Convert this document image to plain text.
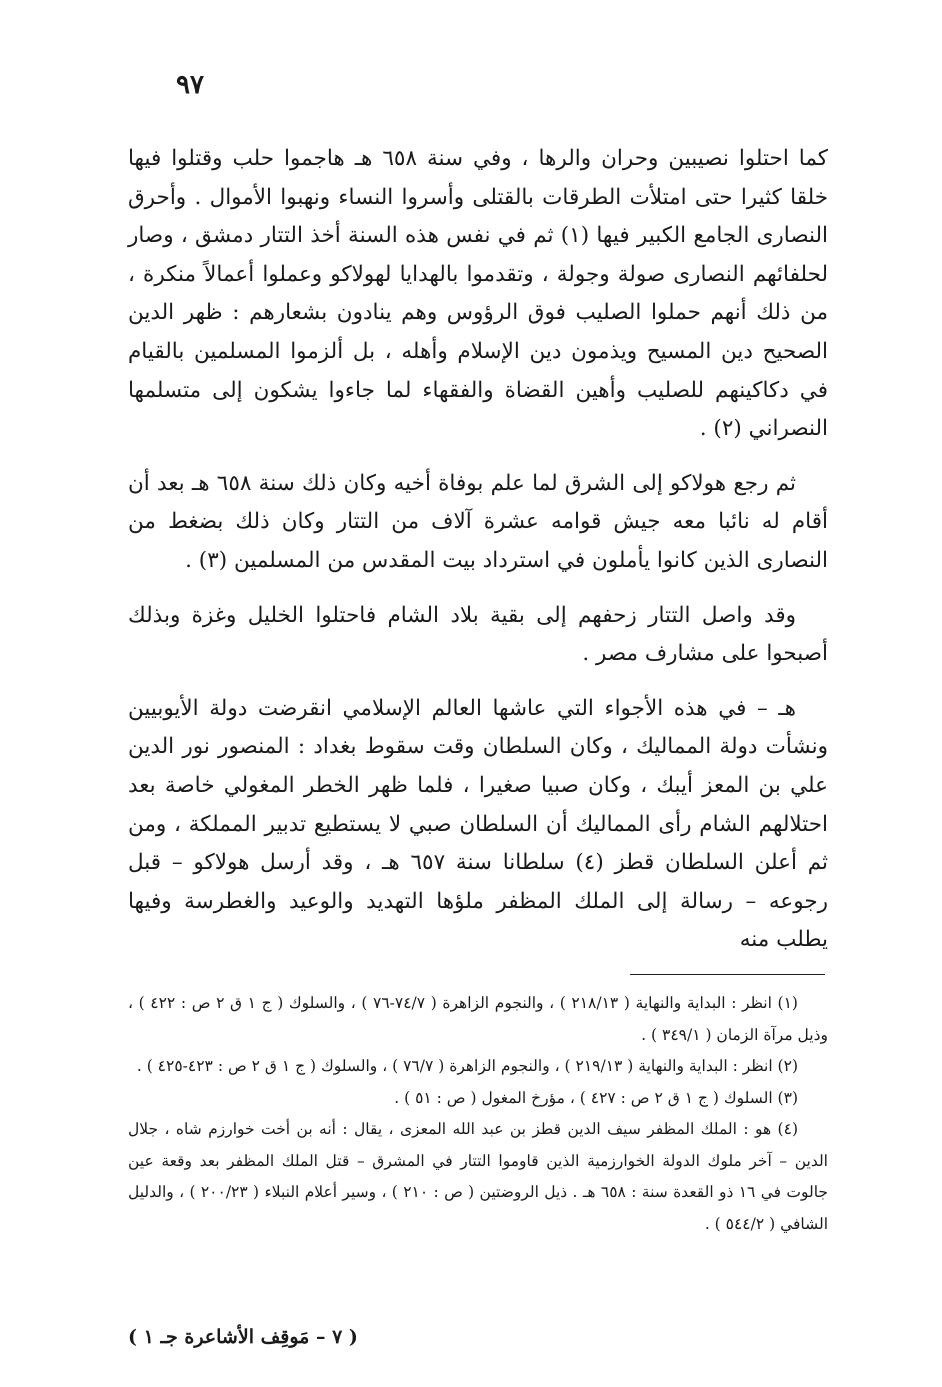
٩٧

كما احتلوا نصيبين وحران والرها ، وفي سنة ٦٥٨ هـ هاجموا حلب وقتلوا فيها خلقا كثيرا حتى امتلأت الطرقات بالقتلى وأسروا النساء ونهبوا الأموال . وأحرق النصارى الجامع الكبير فيها (١) ثم في نفس هذه السنة أخذ التتار دمشق ، وصار لحلفائهم النصارى صولة وجولة ، وتقدموا بالهدايا لهولاكو وعملوا أعمالاً منكرة ، من ذلك أنهم حملوا الصليب فوق الرؤوس وهم ينادون بشعارهم : ظهر الدين الصحيح دين المسيح ويذمون دين الإسلام وأهله ، بل ألزموا المسلمين بالقيام في دكاكينهم للصليب وأهين القضاة والفقهاء لما جاءوا يشكون إلى متسلمها النصراني (٢) .

ثم رجع هولاكو إلى الشرق لما علم بوفاة أخيه وكان ذلك سنة ٦٥٨ هـ بعد أن أقام له نائبا معه جيش قوامه عشرة آلاف من التتار وكان ذلك بضغط من النصارى الذين كانوا يأملون في استرداد بيت المقدس من المسلمين (٣) .

وقد واصل التتار زحفهم إلى بقية بلاد الشام فاحتلوا الخليل وغزة وبذلك أصبحوا على مشارف مصر .

هـ – في هذه الأجواء التي عاشها العالم الإسلامي انقرضت دولة الأيوبيين ونشأت دولة المماليك ، وكان السلطان وقت سقوط بغداد : المنصور نور الدين علي بن المعز أيبك ، وكان صبيا صغيرا ، فلما ظهر الخطر المغولي خاصة بعد احتلالهم الشام رأى المماليك أن السلطان صبي لا يستطيع تدبير المملكة ، ومن ثم أعلن السلطان قطز (٤) سلطانا سنة ٦٥٧ هـ ، وقد أرسل هولاكو – قبل رجوعه – رسالة إلى الملك المظفر ملؤها التهديد والوعيد والغطرسة وفيها يطلب منه

(١) انظر : البداية والنهاية ( ٢١٨/١٣ ) ، والنجوم الزاهرة ( ٧٤/٧-٧٦ ) ، والسلوك ( ج ١ ق ٢ ص : ٤٢٢ ) ، وذيل مرآة الزمان ( ٣٤٩/١ ) .

(٢) انظر : البداية والنهاية ( ٢١٩/١٣ ) ، والنجوم الزاهرة ( ٧٦/٧ ) ، والسلوك ( ج ١ ق ٢ ص : ٤٢٣-٤٢٥ ) .

(٣) السلوك ( ج ١ ق ٢ ص : ٤٢٧ ) ، مؤرخ المغول ( ص : ٥١ ) .

(٤) هو : الملك المظفر سيف الدين قطز بن عبد الله المعزى ، يقال : أنه بن أخت خوارزم شاه ، جلال الدين – آخر ملوك الدولة الخوارزمية الذين قاوموا التتار في المشرق – قتل الملك المظفر بعد وقعة عين جالوت في ١٦ ذو القعدة سنة : ٦٥٨ هـ . ذيل الروضتين ( ص : ٢١٠ ) ، وسير أعلام النبلاء ( ٢٠٠/٢٣ ) ، والدليل الشافي ( ٥٤٤/٢ ) .

( ٧ – مَوقِف الأشاعرة جـ ١ )
